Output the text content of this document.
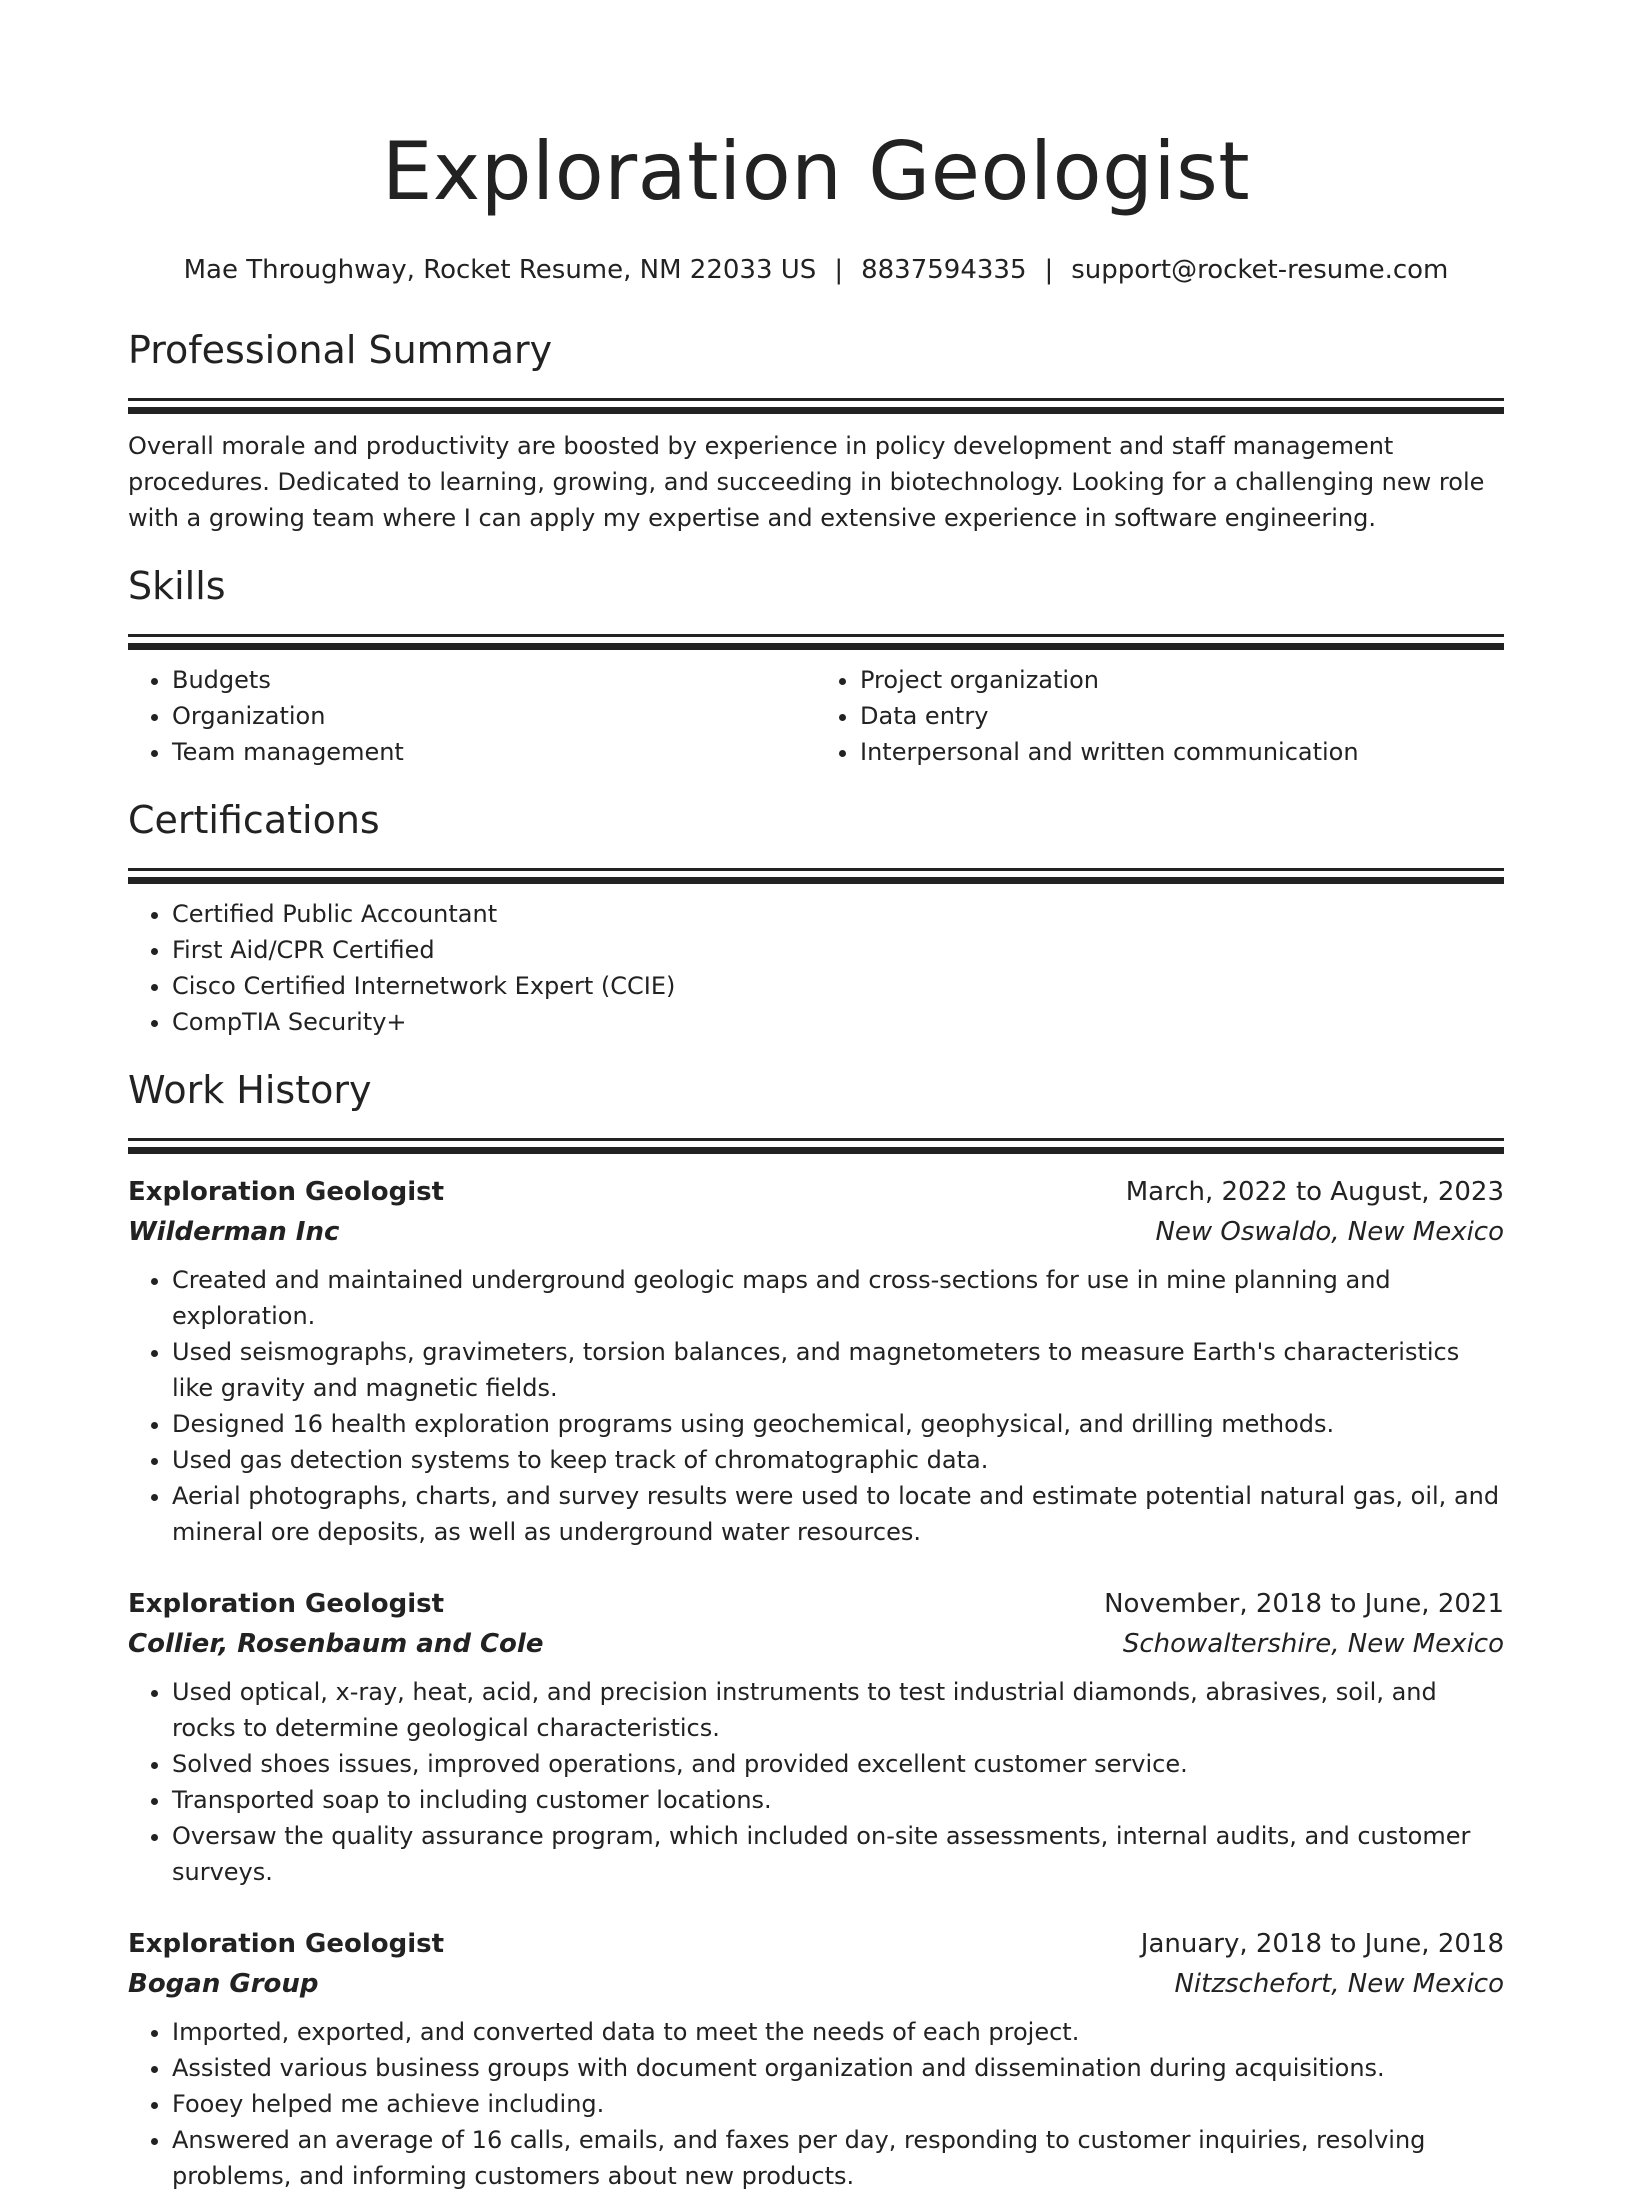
Exploration Geologist
Mae Throughway, Rocket Resume, NM 22033 US | 8837594335 | support@rocket-resume.com
Professional Summary
Overall morale and productivity are boosted by experience in policy development and staff management procedures. Dedicated to learning, growing, and succeeding in biotechnology. Looking for a challenging new role with a growing team where I can apply my expertise and extensive experience in software engineering.
Skills
• Budgets
• Organization
• Team management
• Project organization
• Data entry
• Interpersonal and written communication
Certifications
• Certified Public Accountant
• First Aid/CPR Certified
• Cisco Certified Internetwork Expert (CCIE)
• CompTIA Security+
Work History
Exploration Geologist	March, 2022 to August, 2023
Wilderman Inc	New Oswaldo, New Mexico
• Created and maintained underground geologic maps and cross-sections for use in mine planning and exploration.
• Used seismographs, gravimeters, torsion balances, and magnetometers to measure Earth's characteristics like gravity and magnetic fields.
• Designed 16 health exploration programs using geochemical, geophysical, and drilling methods.
• Used gas detection systems to keep track of chromatographic data.
• Aerial photographs, charts, and survey results were used to locate and estimate potential natural gas, oil, and mineral ore deposits, as well as underground water resources.
Exploration Geologist	November, 2018 to June, 2021
Collier, Rosenbaum and Cole	Schowaltershire, New Mexico
• Used optical, x-ray, heat, acid, and precision instruments to test industrial diamonds, abrasives, soil, and rocks to determine geological characteristics.
• Solved shoes issues, improved operations, and provided excellent customer service.
• Transported soap to including customer locations.
• Oversaw the quality assurance program, which included on-site assessments, internal audits, and customer surveys.
Exploration Geologist	January, 2018 to June, 2018
Bogan Group	Nitzschefort, New Mexico
• Imported, exported, and converted data to meet the needs of each project.
• Assisted various business groups with document organization and dissemination during acquisitions.
• Fooey helped me achieve including.
• Answered an average of 16 calls, emails, and faxes per day, responding to customer inquiries, resolving problems, and informing customers about new products.
